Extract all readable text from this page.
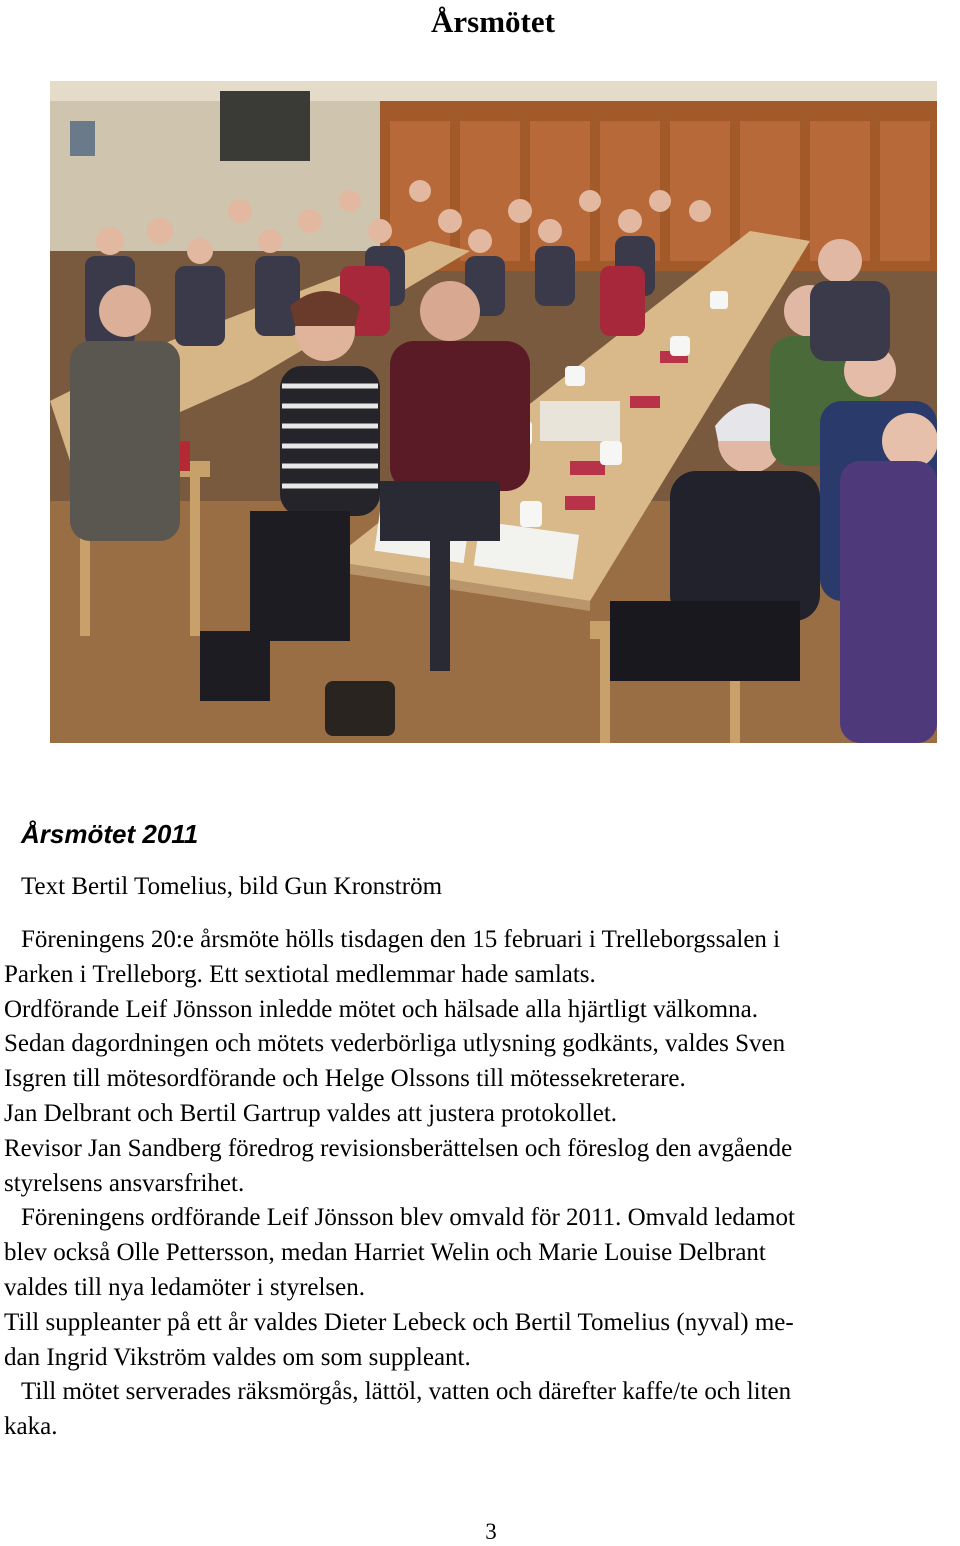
Årsmötet
Årsmötet 2011

Text Bertil Tomelius, bild Gun Kronström

Föreningens 20:e årsmöte hölls tisdagen den 15 februari i Trelleborgssalen i

Parken i Trelleborg. Ett sextiotal medlemmar hade samlats.

Ordförande Leif Jönsson inledde mötet och hälsade alla hjärtligt välkomna.

Sedan dagordningen och mötets vederbörliga utlysning godkänts, valdes Sven

Isgren till mötesordförande och Helge Olssons till mötessekreterare.

Jan Delbrant och Bertil Gartrup valdes att justera protokollet.

Revisor Jan Sandberg föredrog revisionsberättelsen och föreslog den avgående

styrelsens ansvarsfrihet.

Föreningens ordförande Leif Jönsson blev omvald för 2011. Omvald ledamot

blev också Olle Pettersson, medan Harriet Welin och Marie Louise Delbrant

valdes till nya ledamöter i styrelsen.

Till suppleanter på ett år valdes Dieter Lebeck och Bertil Tomelius (nyval) me-

dan Ingrid Vikström valdes om som suppleant.

Till mötet serverades räksmörgås, lättöl, vatten och därefter kaffe/te och liten

kaka.

3
